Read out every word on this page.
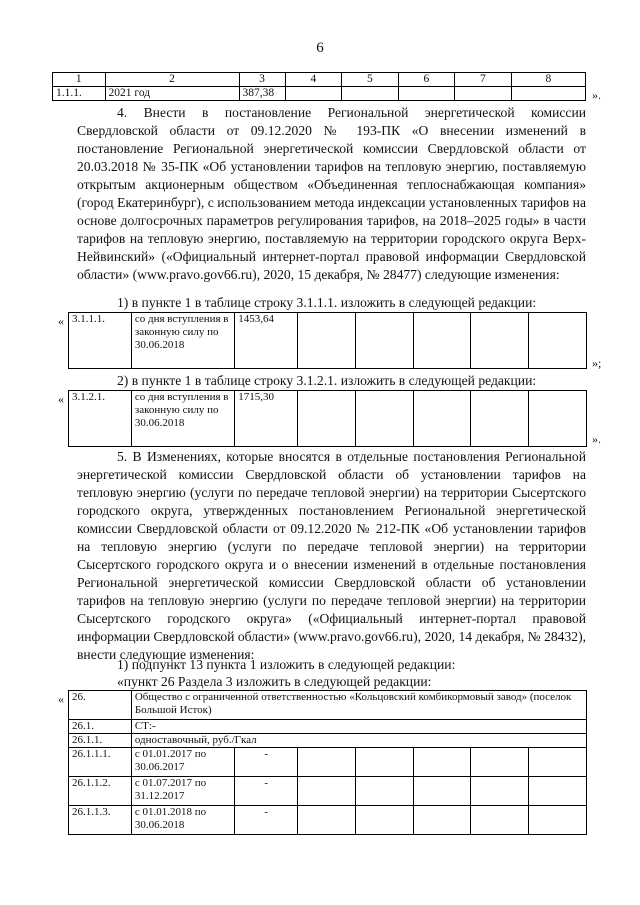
6
1	2	3	4	5	6	7	8
1.1.1.	2021 год	387,38						».
4. Внести в постановление Региональной энергетической комиссии Свердловской области от 09.12.2020 № 193-ПК «О внесении изменений в постановление Региональной энергетической комиссии Свердловской области от 20.03.2018 № 35-ПК «Об установлении тарифов на тепловую энергию, поставляемую открытым акционерным обществом «Объединенная теплоснабжающая компания» (город Екатеринбург), с использованием метода индексации установленных тарифов на основе долгосрочных параметров регулирования тарифов, на 2018–2025 годы» в части тарифов на тепловую энергию, поставляемую на территории городского округа Верх-Нейвинский» («Официальный интернет-портал правовой информации Свердловской области» (www.pravo.gov66.ru), 2020, 15 декабря, № 28477) следующие изменения:
1) в пункте 1 в таблице строку 3.1.1.1. изложить в следующей редакции:
« 3.1.1.1.	со дня вступления в законную силу по 30.06.2018	1453,64					
»;
2) в пункте 1 в таблице строку 3.1.2.1. изложить в следующей редакции:
« 3.1.2.1.	со дня вступления в законную силу по 30.06.2018	1715,30					
».
5. В Изменениях, которые вносятся в отдельные постановления Региональной энергетической комиссии Свердловской области об установлении тарифов на тепловую энергию (услуги по передаче тепловой энергии) на территории Сысертского городского округа, утвержденных постановлением Региональной энергетической комиссии Свердловской области от 09.12.2020 № 212-ПК «Об установлении тарифов на тепловую энергию (услуги по передаче тепловой энергии) на территории Сысертского городского округа и о внесении изменений в отдельные постановления Региональной энергетической комиссии Свердловской области об установлении тарифов на тепловую энергию (услуги по передаче тепловой энергии) на территории Сысертского городского округа» («Официальный интернет-портал правовой информации Свердловской области» (www.pravo.gov66.ru), 2020, 14 декабря, № 28432), внести следующие изменения:
1) подпункт 13 пункта 1 изложить в следующей редакции:
«пункт 26 Раздела 3 изложить в следующей редакции:
« 26.	Общество с ограниченной ответственностью «Кольцовский комбикормовый завод» (поселок Большой Исток)						
26.1.	СТ:-						
26.1.1.	одноставочный, руб./Гкал						
26.1.1.1.	с 01.01.2017 по 30.06.2017	-					
26.1.1.2.	с 01.07.2017 по 31.12.2017	-					
26.1.1.3.	с 01.01.2018 по 30.06.2018	-					
